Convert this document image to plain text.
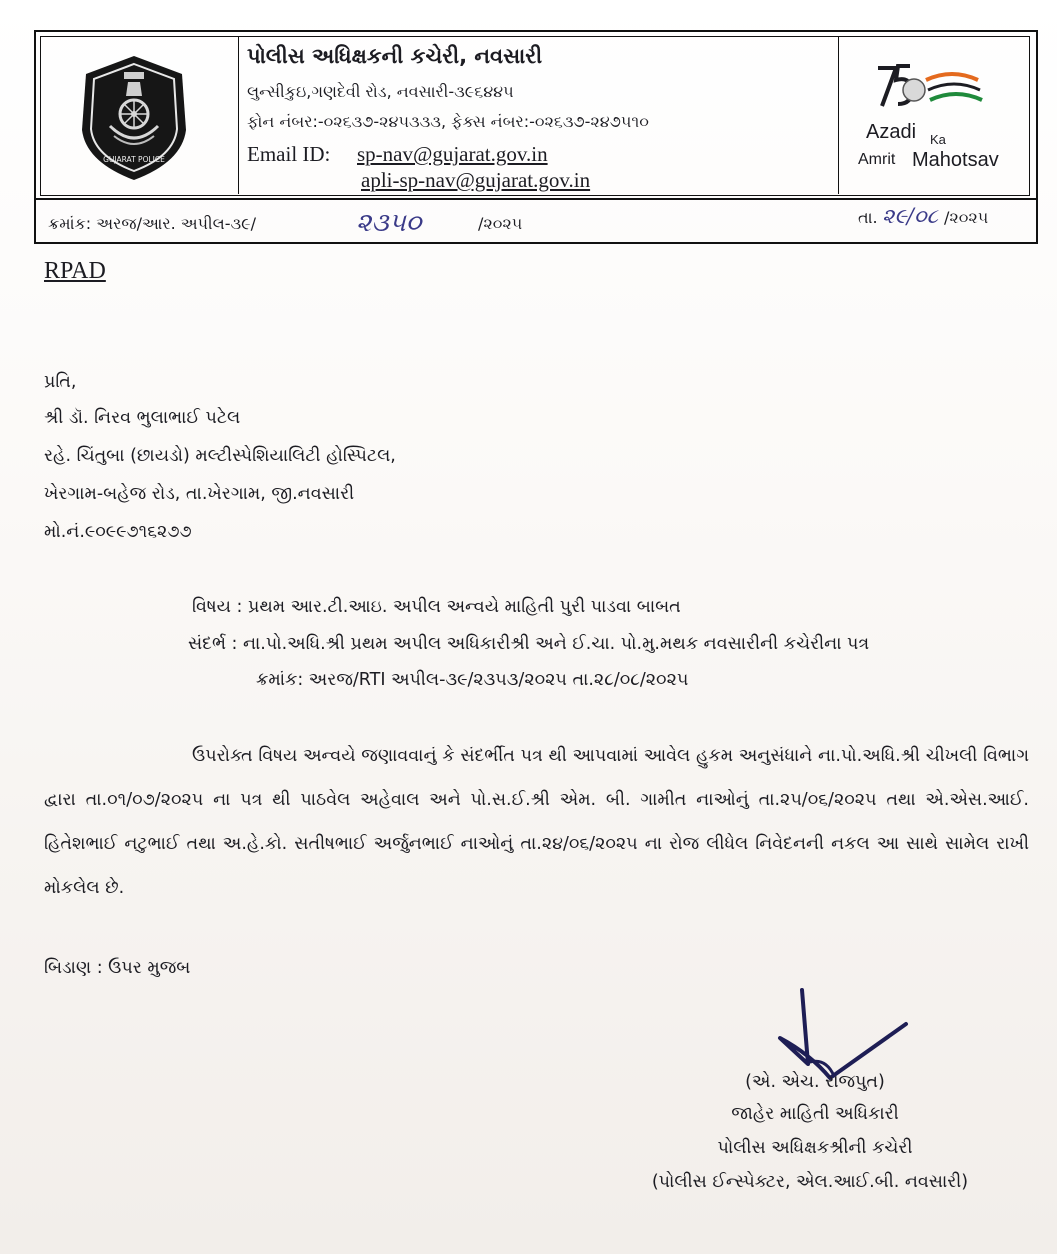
GUJARAT POLICE
પોલીસ અધિક્ષકની કચેરી, નવસારી
લુન્સીકુઇ,ગણદેવી રોડ, નવસારી-૩૯૬૪૪૫
ફોન નંબર:-૦૨૬૩૭-૨૪૫૩૩૩, ફેક્સ નંબર:-૦૨૬૩૭-૨૪૭૫૧૦
Email ID: sp-nav@gujarat.gov.in
apli-sp-nav@gujarat.gov.in
Azadi Ka
Amrit Mahotsav
ક્રમાંક: અરજ/આર. અપીલ-૩૯/	૨૩૫૦	/૨૦૨૫	તા. ૨૯/૦૮ /૨૦૨૫
RPAD
પ્રતિ,
શ્રી ડૉ. નિરવ ભુલાભાઈ પટેલ
રહે. ચિંતુબા (છાયડો) મલ્ટીસ્પેશિયાલિટી હોસ્પિટલ,
ખેરગામ-બહેજ રોડ, તા.ખેરગામ, જી.નવસારી
મો.નં.૯૦૯૯૭૧૬૨૭૭
વિષય : પ્રથમ આર.ટી.આઇ. અપીલ અન્વયે માહિતી પુરી પાડવા બાબત
સંદર્ભ : ના.પો.અધિ.શ્રી પ્રથમ અપીલ અધિકારીશ્રી અને ઈ.ચા. પો.મુ.મથક નવસારીની કચેરીના પત્ર
ક્રમાંક: અરજ/RTI અપીલ-૩૯/૨૩૫૩/૨૦૨૫ તા.૨૮/૦૮/૨૦૨૫
ઉપરોક્ત વિષય અન્વયે જણાવવાનું કે સંદર્ભીત પત્ર થી આપવામાં આવેલ હુકમ અનુસંધાને ના.પો.અધિ.શ્રી ચીખલી વિભાગ દ્વારા તા.૦૧/૦૭/૨૦૨૫ ના પત્ર થી પાઠવેલ અહેવાલ અને પો.સ.ઈ.શ્રી એમ. બી. ગામીત નાઓનું તા.૨૫/૦૬/૨૦૨૫ તથા એ.એસ.આઈ. હિતેશભાઈ નટુભાઈ તથા અ.હે.કો. સતીષભાઈ અર્જુનભાઈ નાઓનું તા.૨૪/૦૬/૨૦૨૫ ના રોજ લીધેલ નિવેદનની નકલ આ સાથે સામેલ રાખી મોકલેલ છે.
બિડાણ : ઉપર મુજબ
(એ. એચ. રાજપુત)
જાહેર માહિતી અધિકારી
પોલીસ અધિક્ષકશ્રીની કચેરી
(પોલીસ ઈન્સ્પેક્ટર, એલ.આઈ.બી. નવસારી)
